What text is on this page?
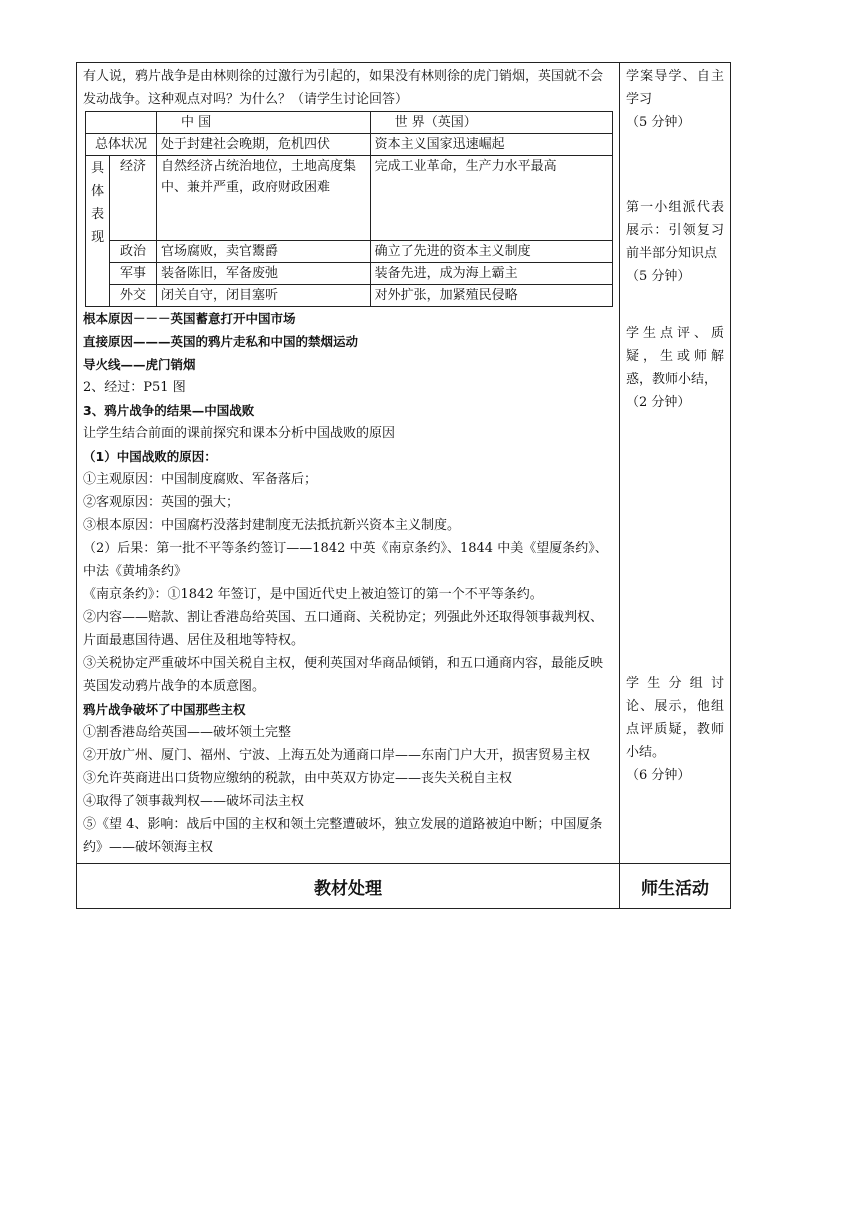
有人说，鸦片战争是由林则徐的过激行为引起的，如果没有林则徐的虎门销烟，英国就不会发动战争。这种观点对吗？为什么？（请学生讨论回答）

	中 国	世 界（英国）
总体状况	处于封建社会晚期，危机四伏	资本主义国家迅速崛起
具体表现	经济	自然经济占统治地位，土地高度集中、兼并严重，政府财政困难	完成工业革命，生产力水平最高
政治	官场腐败，卖官鬻爵	确立了先进的资本主义制度
军事	装备陈旧，军备废弛	装备先进，成为海上霸主
外交	闭关自守，闭目塞听	对外扩张，加紧殖民侵略

根本原因－－－英国蓄意打开中国市场

直接原因———英国的鸦片走私和中国的禁烟运动

导火线——虎门销烟

2、经过：P51 图

3、鸦片战争的结果—中国战败

让学生结合前面的课前探究和课本分析中国战败的原因

（1）中国战败的原因：

①主观原因：中国制度腐败、军备落后；

②客观原因：英国的强大；

③根本原因：中国腐朽没落封建制度无法抵抗新兴资本主义制度。

（2）后果：第一批不平等条约签订——1842 中英《南京条约》、1844 中美《望厦条约》、中法《黄埔条约》

《南京条约》：①1842 年签订，是中国近代史上被迫签订的第一个不平等条约。

②内容——赔款、割让香港岛给英国、五口通商、关税协定；列强此外还取得领事裁判权、片面最惠国待遇、居住及租地等特权。

③关税协定严重破坏中国关税自主权，便利英国对华商品倾销，和五口通商内容，最能反映英国发动鸦片战争的本质意图。

鸦片战争破坏了中国那些主权

①割香港岛给英国——破坏领土完整

②开放广州、厦门、福州、宁波、上海五处为通商口岸——东南门户大开，损害贸易主权

③允许英商进出口货物应缴纳的税款，由中英双方协定——丧失关税自主权

④取得了领事裁判权——破坏司法主权

⑤《望 4、影响：战后中国的主权和领土完整遭破坏，独立发展的道路被迫中断；中国厦条约》——破坏领海主权

学案导学、自主学习
（5 分钟）
第一小组派代表展示：引领复习前半部分知识点
（5 分钟）
学生点评、质疑，生或师解惑，教师小结，
（2 分钟）
学 生 分 组 讨 论、展示，他组点评质疑，教师小结。
（6 分钟）

教材处理	师生活动
